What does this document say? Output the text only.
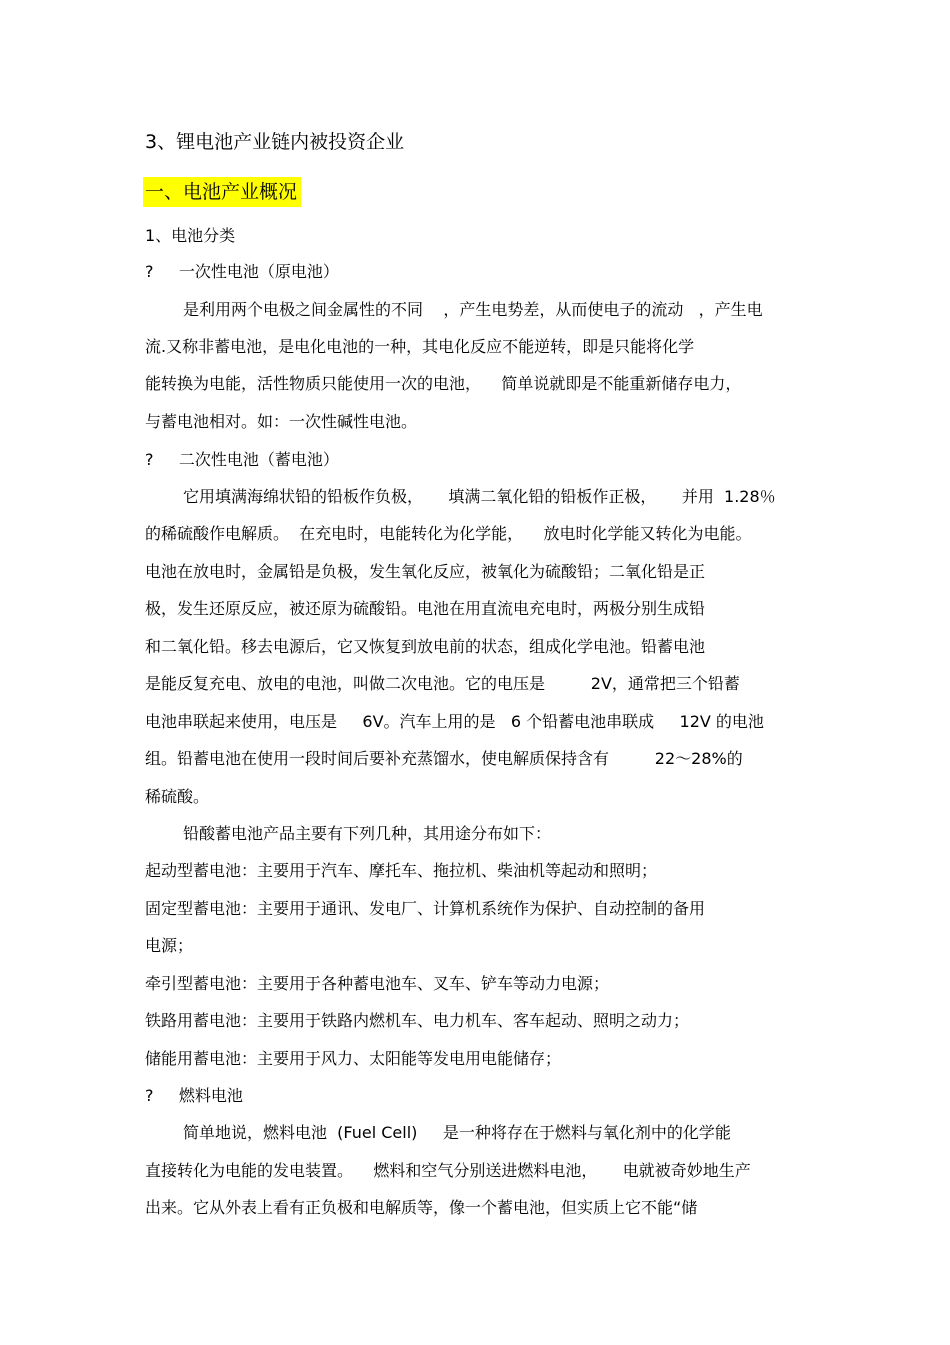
3、锂电池产业链内被投资企业
一、电池产业概况
1、电池分类
?     一次性电池（原电池）
是利用两个电极之间金属性的不同    ，产生电势差，从而使电子的流动   ，产生电
流.又称非蓄电池，是电化电池的一种，其电化反应不能逆转，即是只能将化学
能转换为电能，活性物质只能使用一次的电池，    简单说就即是不能重新储存电力，
与蓄电池相对。如：一次性碱性电池。
?     二次性电池（蓄电池）
它用填满海绵状铅的铅板作负极，     填满二氧化铅的铅板作正极，     并用  1.28％
的稀硫酸作电解质。  在充电时，电能转化为化学能，    放电时化学能又转化为电能。
电池在放电时，金属铅是负极，发生氧化反应，被氧化为硫酸铅；二氧化铅是正
极，发生还原反应，被还原为硫酸铅。电池在用直流电充电时，两极分别生成铅
和二氧化铅。移去电源后，它又恢复到放电前的状态，组成化学电池。铅蓄电池
是能反复充电、放电的电池，叫做二次电池。它的电压是         2V，通常把三个铅蓄
电池串联起来使用，电压是     6V。汽车上用的是   6 个铅蓄电池串联成     12V 的电池
组。铅蓄电池在使用一段时间后要补充蒸馏水，使电解质保持含有         22～28%的
稀硫酸。
铅酸蓄电池产品主要有下列几种，其用途分布如下：
起动型蓄电池：主要用于汽车、摩托车、拖拉机、柴油机等起动和照明；
固定型蓄电池：主要用于通讯、发电厂、计算机系统作为保护、自动控制的备用
电源；
牵引型蓄电池：主要用于各种蓄电池车、叉车、铲车等动力电源；
铁路用蓄电池：主要用于铁路内燃机车、电力机车、客车起动、照明之动力；
储能用蓄电池：主要用于风力、太阳能等发电用电能储存；
?     燃料电池
简单地说，燃料电池  (Fuel Cell)     是一种将存在于燃料与氧化剂中的化学能
直接转化为电能的发电装置。    燃料和空气分别送进燃料电池，     电就被奇妙地生产
出来。它从外表上看有正负极和电解质等，像一个蓄电池，但实质上它不能“储
